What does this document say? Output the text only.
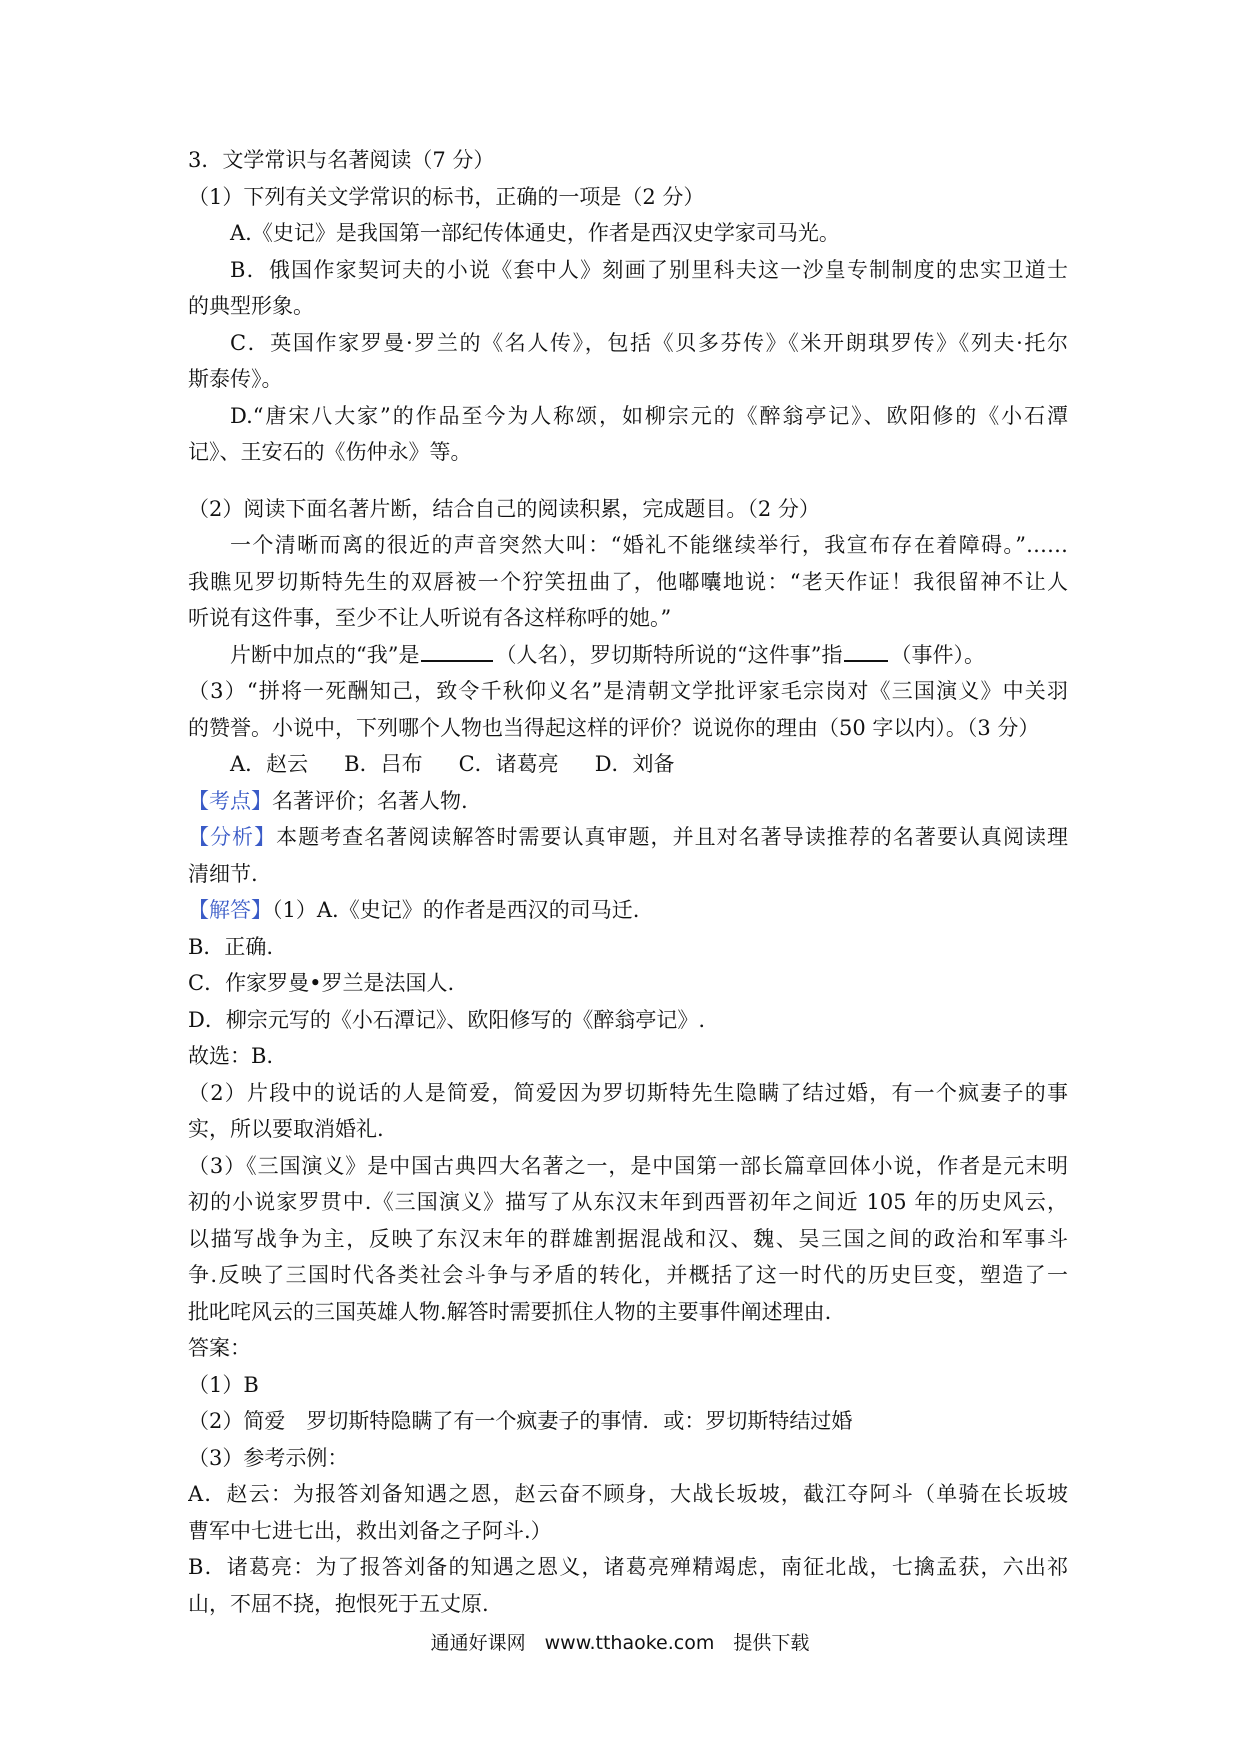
3．文学常识与名著阅读（7 分）
（1）下列有关文学常识的标书，正确的一项是（2 分）
A.《史记》是我国第一部纪传体通史，作者是西汉史学家司马光。
B．俄国作家契诃夫的小说《套中人》刻画了别里科夫这一沙皇专制制度的忠实卫道士
的典型形象。
C．英国作家罗曼·罗兰的《名人传》，包括《贝多芬传》《米开朗琪罗传》《列夫·托尔
斯泰传》。
D.“唐宋八大家”的作品至今为人称颂，如柳宗元的《醉翁亭记》、欧阳修的《小石潭
记》、王安石的《伤仲永》等。
（2）阅读下面名著片断，结合自己的阅读积累，完成题目。（2 分）
一个清晰而离的很近的声音突然大叫：“婚礼不能继续举行，我宣布存在着障碍。”……
我瞧见罗切斯特先生的双唇被一个狞笑扭曲了，他嘟囔地说：“老天作证！我很留神不让人
听说有这件事，至少不让人听说有各这样称呼的她。”
片断中加点的“我”是	（人名），罗切斯特所说的“这件事”指 （事件）。
（3）“拼将一死酬知己，致令千秋仰义名”是清朝文学批评家毛宗岗对《三国演义》中关羽
的赞誉。小说中，下列哪个人物也当得起这样的评价？说说你的理由（50 字以内）。（3 分）
A．赵云 B．吕布 C．诸葛亮 D．刘备
【考点】名著评价；名著人物.
【分析】本题考查名著阅读解答时需要认真审题，并且对名著导读推荐的名著要认真阅读理
清细节.
【解答】（1）A.《史记》的作者是西汉的司马迁.
B．正确.
C．作家罗曼•罗兰是法国人.
D．柳宗元写的《小石潭记》、欧阳修写的《醉翁亭记》.
故选：B.
（2）片段中的说话的人是简爱，简爱因为罗切斯特先生隐瞒了结过婚，有一个疯妻子的事
实，所以要取消婚礼.
（3）《三国演义》是中国古典四大名著之一，是中国第一部长篇章回体小说，作者是元末明
初的小说家罗贯中.《三国演义》描写了从东汉末年到西晋初年之间近 105 年的历史风云，
以描写战争为主，反映了东汉末年的群雄割据混战和汉、魏、吴三国之间的政治和军事斗
争.反映了三国时代各类社会斗争与矛盾的转化，并概括了这一时代的历史巨变，塑造了一
批叱咤风云的三国英雄人物.解答时需要抓住人物的主要事件阐述理由.
答案：
（1）B
（2）简爱　罗切斯特隐瞒了有一个疯妻子的事情．或：罗切斯特结过婚
（3）参考示例：
A．赵云：为报答刘备知遇之恩，赵云奋不顾身，大战长坂坡，截江夺阿斗（单骑在长坂坡
曹军中七进七出，救出刘备之子阿斗.）
B．诸葛亮：为了报答刘备的知遇之恩义，诸葛亮殚精竭虑，南征北战，七擒孟获，六出祁
山，不屈不挠，抱恨死于五丈原.
通通好课网　www.tthaoke.com　提供下载
